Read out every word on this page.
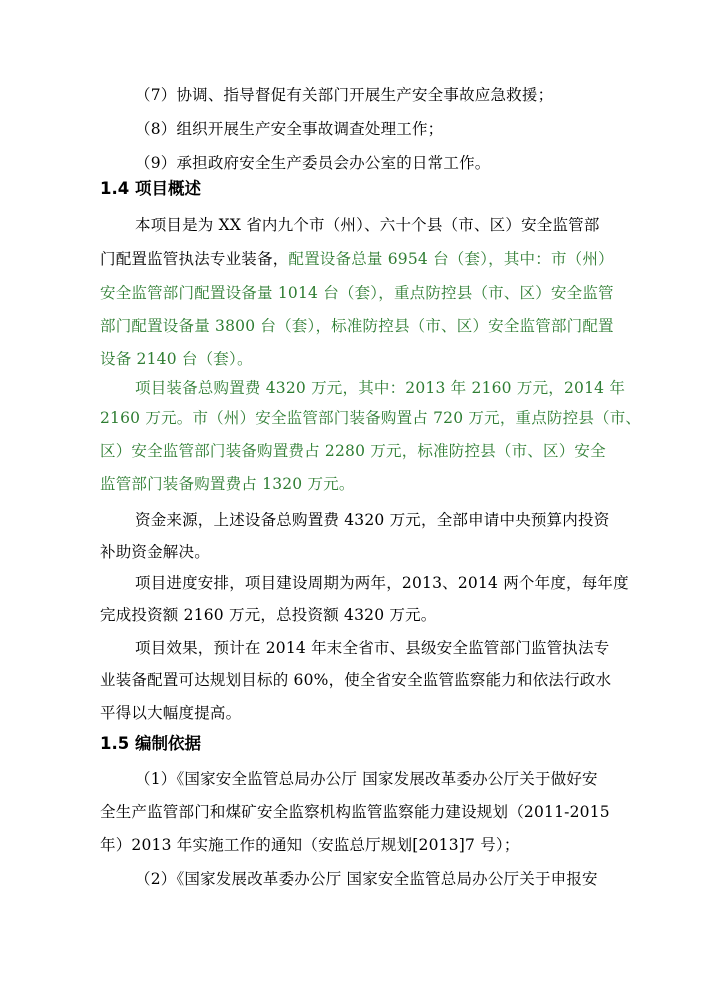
（7）协调、指导督促有关部门开展生产安全事故应急救援；
（8）组织开展生产安全事故调查处理工作；
（9）承担政府安全生产委员会办公室的日常工作。
1.4 项目概述
本项目是为 XX 省内九个市（州）、六十个县（市、区）安全监管部
门配置监管执法专业装备，配置设备总量 6954 台（套），其中：市（州）
安全监管部门配置设备量 1014 台（套），重点防控县（市、区）安全监管
部门配置设备量 3800 台（套），标准防控县（市、区）安全监管部门配置
设备 2140 台（套）。
项目装备总购置费 4320 万元，其中：2013 年 2160 万元，2014 年
2160 万元。市（州）安全监管部门装备购置占 720 万元，重点防控县（市、
区）安全监管部门装备购置费占 2280 万元，标准防控县（市、区）安全
监管部门装备购置费占 1320 万元。
资金来源，上述设备总购置费 4320 万元，全部申请中央预算内投资
补助资金解决。
项目进度安排，项目建设周期为两年，2013、2014 两个年度，每年度
完成投资额 2160 万元，总投资额 4320 万元。
项目效果，预计在 2014 年末全省市、县级安全监管部门监管执法专
业装备配置可达规划目标的 60%，使全省安全监管监察能力和依法行政水
平得以大幅度提高。
1.5 编制依据
（1）《国家安全监管总局办公厅 国家发展改革委办公厅关于做好安
全生产监管部门和煤矿安全监察机构监管监察能力建设规划（2011-2015
年）2013 年实施工作的通知（安监总厅规划[2013]7 号）；
（2）《国家发展改革委办公厅 国家安全监管总局办公厅关于申报安
